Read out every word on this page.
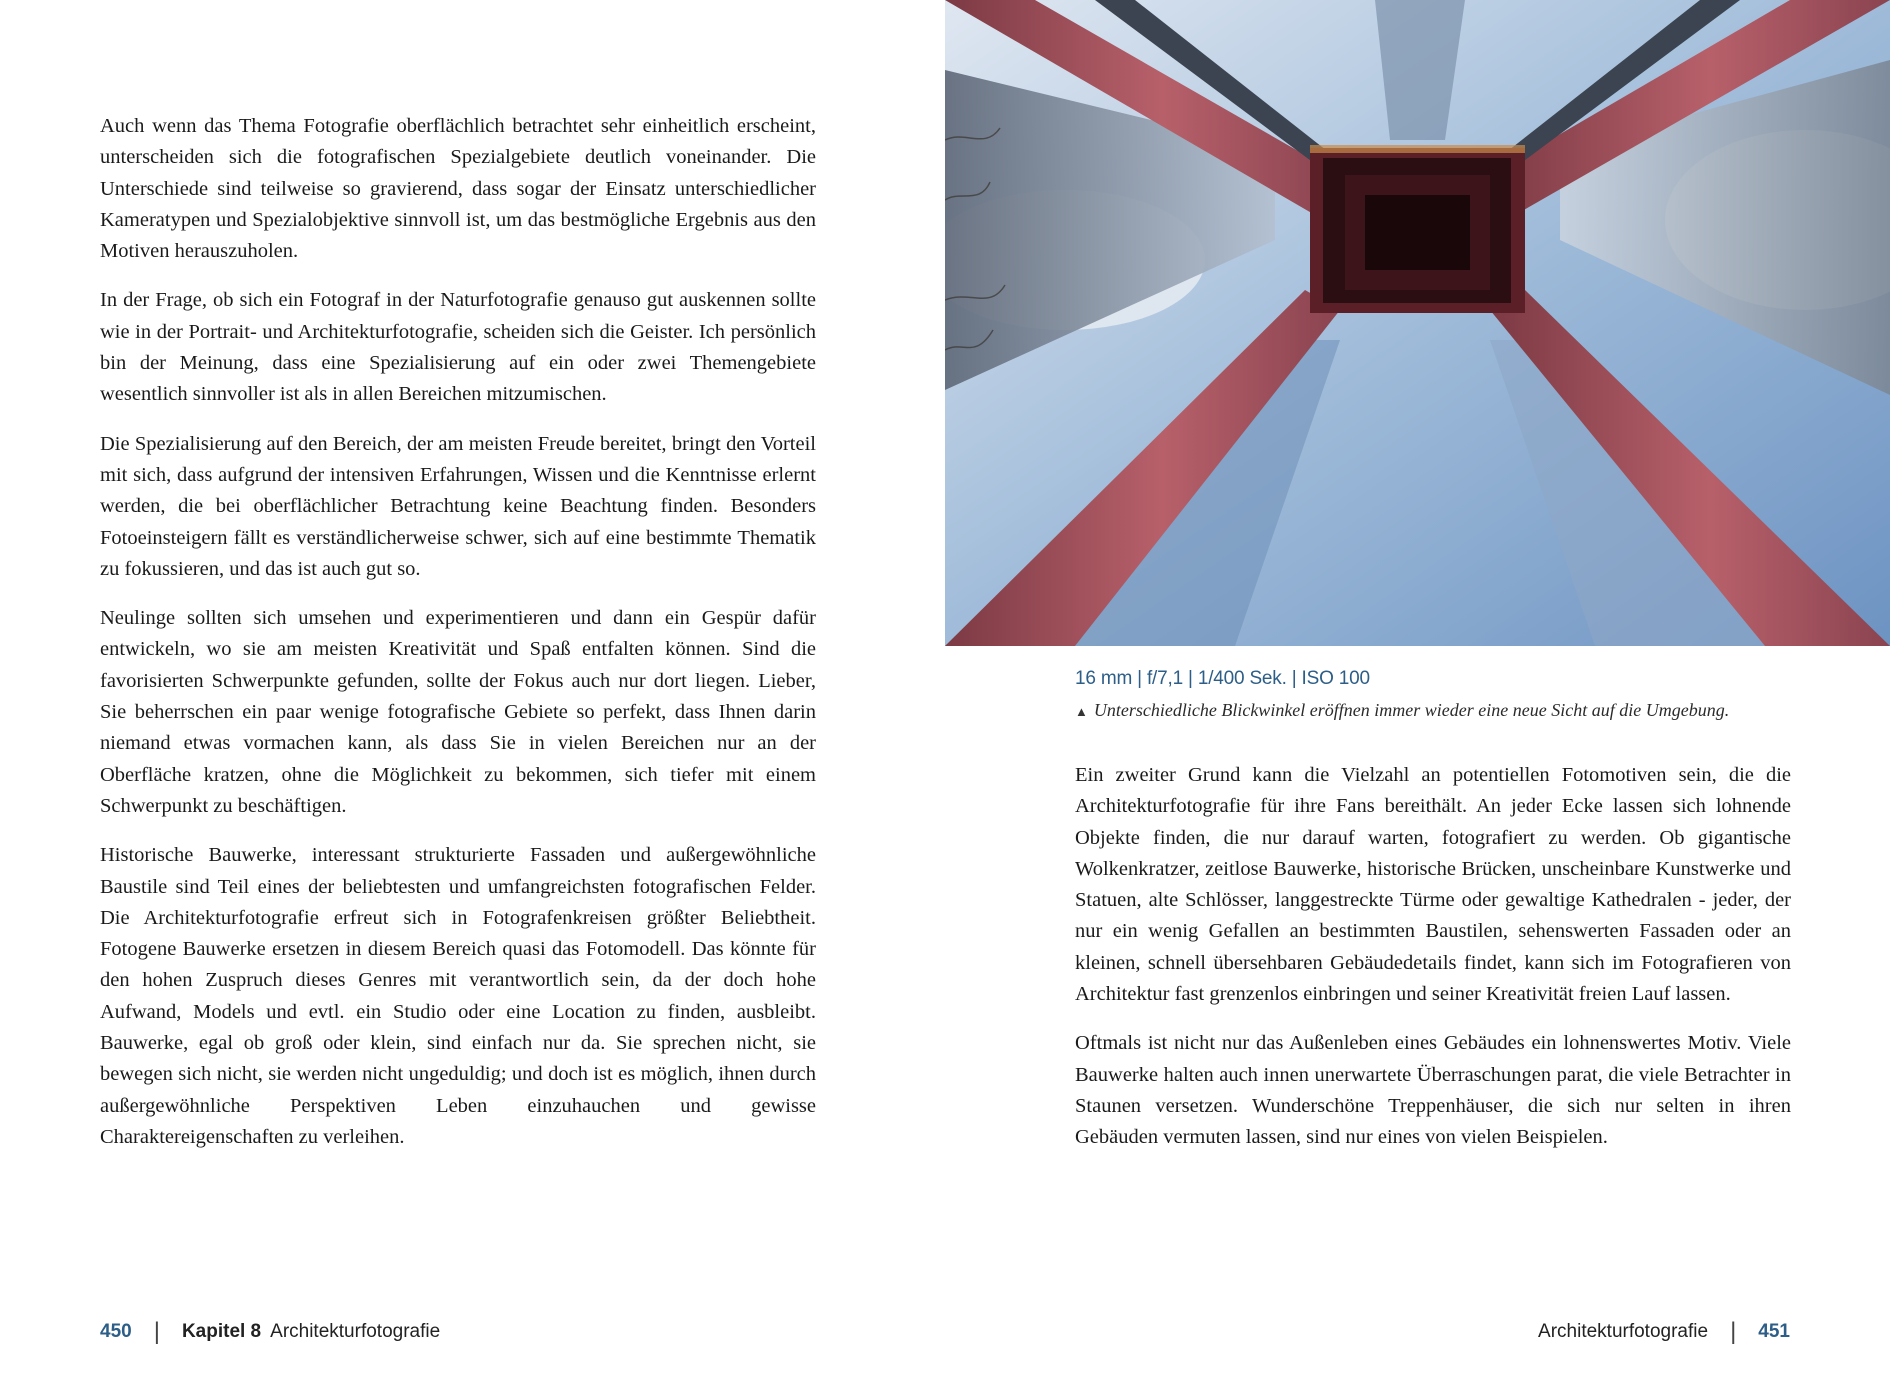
Auch wenn das Thema Fotografie oberflächlich betrachtet sehr einheitlich erscheint, unterscheiden sich die fotografischen Spezialgebiete deutlich voneinander. Die Unterschiede sind teilweise so gravierend, dass sogar der Einsatz unterschiedlicher Kameratypen und Spezialobjektive sinnvoll ist, um das bestmögliche Ergebnis aus den Motiven herauszuholen.

In der Frage, ob sich ein Fotograf in der Naturfotografie genauso gut auskennen sollte wie in der Portrait- und Architekturfotografie, scheiden sich die Geister. Ich persönlich bin der Meinung, dass eine Spezialisierung auf ein oder zwei Themengebiete wesentlich sinnvoller ist als in allen Bereichen mitzumischen.

Die Spezialisierung auf den Bereich, der am meisten Freude bereitet, bringt den Vorteil mit sich, dass aufgrund der intensiven Erfahrungen, Wissen und die Kenntnisse erlernt werden, die bei oberflächlicher Betrachtung keine Beachtung finden. Besonders Fotoeinsteigern fällt es verständlicherweise schwer, sich auf eine bestimmte Thematik zu fokussieren, und das ist auch gut so.

Neulinge sollten sich umsehen und experimentieren und dann ein Gespür dafür entwickeln, wo sie am meisten Kreativität und Spaß entfalten können. Sind die favorisierten Schwerpunkte gefunden, sollte der Fokus auch nur dort liegen. Lieber, Sie beherrschen ein paar wenige fotografische Gebiete so perfekt, dass Ihnen darin niemand etwas vormachen kann, als dass Sie in vielen Bereichen nur an der Oberfläche kratzen, ohne die Möglichkeit zu bekommen, sich tiefer mit einem Schwerpunkt zu beschäftigen.

Historische Bauwerke, interessant strukturierte Fassaden und außergewöhnliche Baustile sind Teil eines der beliebtesten und umfangreichsten fotografischen Felder. Die Architekturfotografie erfreut sich in Fotografenkreisen größter Beliebtheit. Fotogene Bauwerke ersetzen in diesem Bereich quasi das Fotomodell. Das könnte für den hohen Zuspruch dieses Genres mit verantwortlich sein, da der doch hohe Aufwand, Models und evtl. ein Studio oder eine Location zu finden, ausbleibt. Bauwerke, egal ob groß oder klein, sind einfach nur da. Sie sprechen nicht, sie bewegen sich nicht, sie werden nicht ungeduldig; und doch ist es möglich, ihnen durch außergewöhnliche Perspektiven Leben einzuhauchen und gewisse Charaktereigenschaften zu verleihen.

450 | Kapitel 8 Architekturfotografie
16 mm | f/7,1 | 1/400 Sek. | ISO 100
▲ Unterschiedliche Blickwinkel eröffnen immer wieder eine neue Sicht auf die Umgebung.

Ein zweiter Grund kann die Vielzahl an potentiellen Fotomotiven sein, die die Architekturfotografie für ihre Fans bereithält. An jeder Ecke lassen sich lohnende Objekte finden, die nur darauf warten, fotografiert zu werden. Ob gigantische Wolkenkratzer, zeitlose Bauwerke, historische Brücken, unscheinbare Kunstwerke und Statuen, alte Schlösser, langgestreckte Türme oder gewaltige Kathedralen - jeder, der nur ein wenig Gefallen an bestimmten Baustilen, sehenswerten Fassaden oder an kleinen, schnell übersehbaren Gebäudedetails findet, kann sich im Fotografieren von Architektur fast grenzenlos einbringen und seiner Kreativität freien Lauf lassen.

Oftmals ist nicht nur das Außenleben eines Gebäudes ein lohnenswertes Motiv. Viele Bauwerke halten auch innen unerwartete Überraschungen parat, die viele Betrachter in Staunen versetzen. Wunderschöne Treppenhäuser, die sich nur selten in ihren Gebäuden vermuten lassen, sind nur eines von vielen Beispielen.

Architekturfotografie | 451
